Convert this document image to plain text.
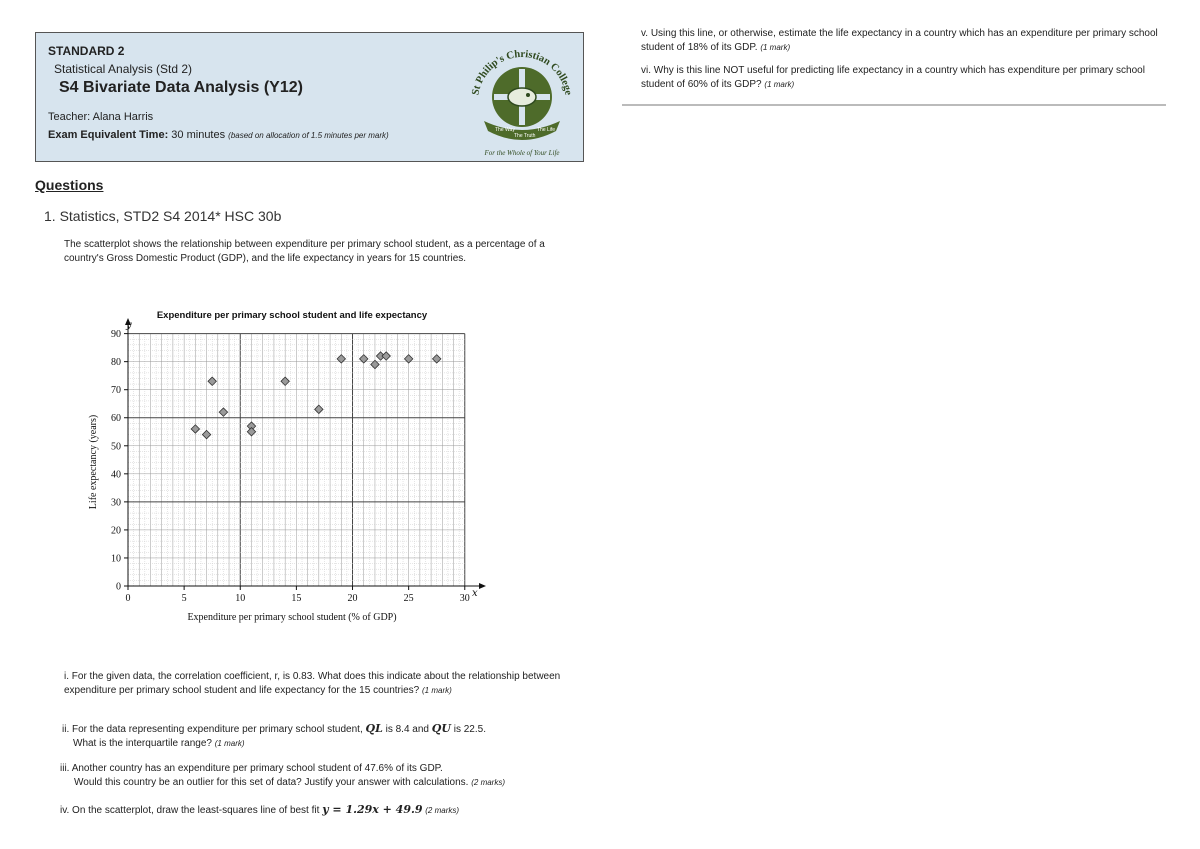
STANDARD 2
Statistical Analysis (Std 2)
S4 Bivariate Data Analysis (Y12)
Teacher: Alana Harris
Exam Equivalent Time: 30 minutes (based on allocation of 1.5 minutes per mark)
St Philip's Christian College
The Way
The Truth
The Life
For the Whole of Your Life
Questions
1. Statistics, STD2 S4 2014* HSC 30b
The scatterplot shows the relationship between expenditure per primary school student, as a percentage of a country's Gross Domestic Product (GDP), and the life expectancy in years for 15 countries.
Expenditure per primary school student and life expectancy
0	5	10	15	20	25	30
0
10
20
30
40
50
60
70
80
90
y
x
Expenditure per primary school student (% of GDP)
Life expectancy (years)
i. For the given data, the correlation coefficient, r, is 0.83. What does this indicate about the relationship between expenditure per primary school student and life expectancy for the 15 countries? (1 mark)
ii. For the data representing expenditure per primary school student, QL is 8.4 and QU is 22.5.
What is the interquartile range? (1 mark)
iii. Another country has an expenditure per primary school student of 47.6% of its GDP.
Would this country be an outlier for this set of data? Justify your answer with calculations. (2 marks)
iv. On the scatterplot, draw the least-squares line of best fit y = 1.29x + 49.9 (2 marks)
v. Using this line, or otherwise, estimate the life expectancy in a country which has an expenditure per primary school student of 18% of its GDP. (1 mark)
vi. Why is this line NOT useful for predicting life expectancy in a country which has expenditure per primary school student of 60% of its GDP? (1 mark)
